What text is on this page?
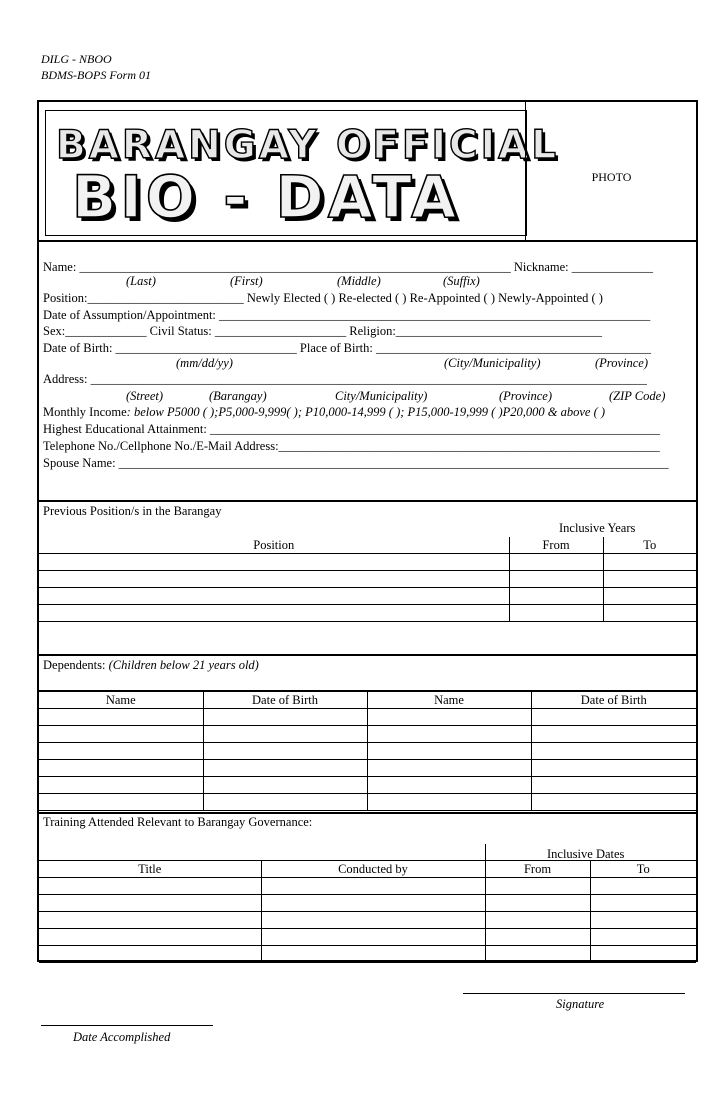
DILG - NBOO
BDMS-BOPS Form 01
BARANGAY OFFICIAL
BIO - DATA	PHOTO
Name: _____________________________________________________________________ Nickname: _____________
(Last)	(First)	(Middle)	(Suffix)
Position:_________________________ Newly Elected ( ) Re-elected ( ) Re-Appointed ( ) Newly-Appointed ( )
Date of Assumption/Appointment: _____________________________________________________________________
Sex:_____________ Civil Status: _____________________ Religion:_________________________________
Date of Birth: _____________________________ Place of Birth: ____________________________________________
(mm/dd/yy)	(City/Municipality)	(Province)
Address: _________________________________________________________________________________________
(Street)	(Barangay)	City/Municipality)	(Province)	(ZIP Code)
Monthly Income: below P5000 ( );P5,000-9,999( ); P10,000-14,999 ( ); P15,000-19,999 ( )P20,000 & above ( )
Highest Educational Attainment: ________________________________________________________________________
Telephone No./Cellphone No./E-Mail Address:_____________________________________________________________
Spouse Name: ________________________________________________________________________________________
Previous Position/s in the Barangay
Inclusive Years
Position	From	To

Dependents: (Children below 21 years old)
Name	Date of Birth	Name	Date of Birth

Training Attended Relevant to Barangay Governance:
Inclusive Dates

Title	Conducted by	From	To

Signature
Date Accomplished
